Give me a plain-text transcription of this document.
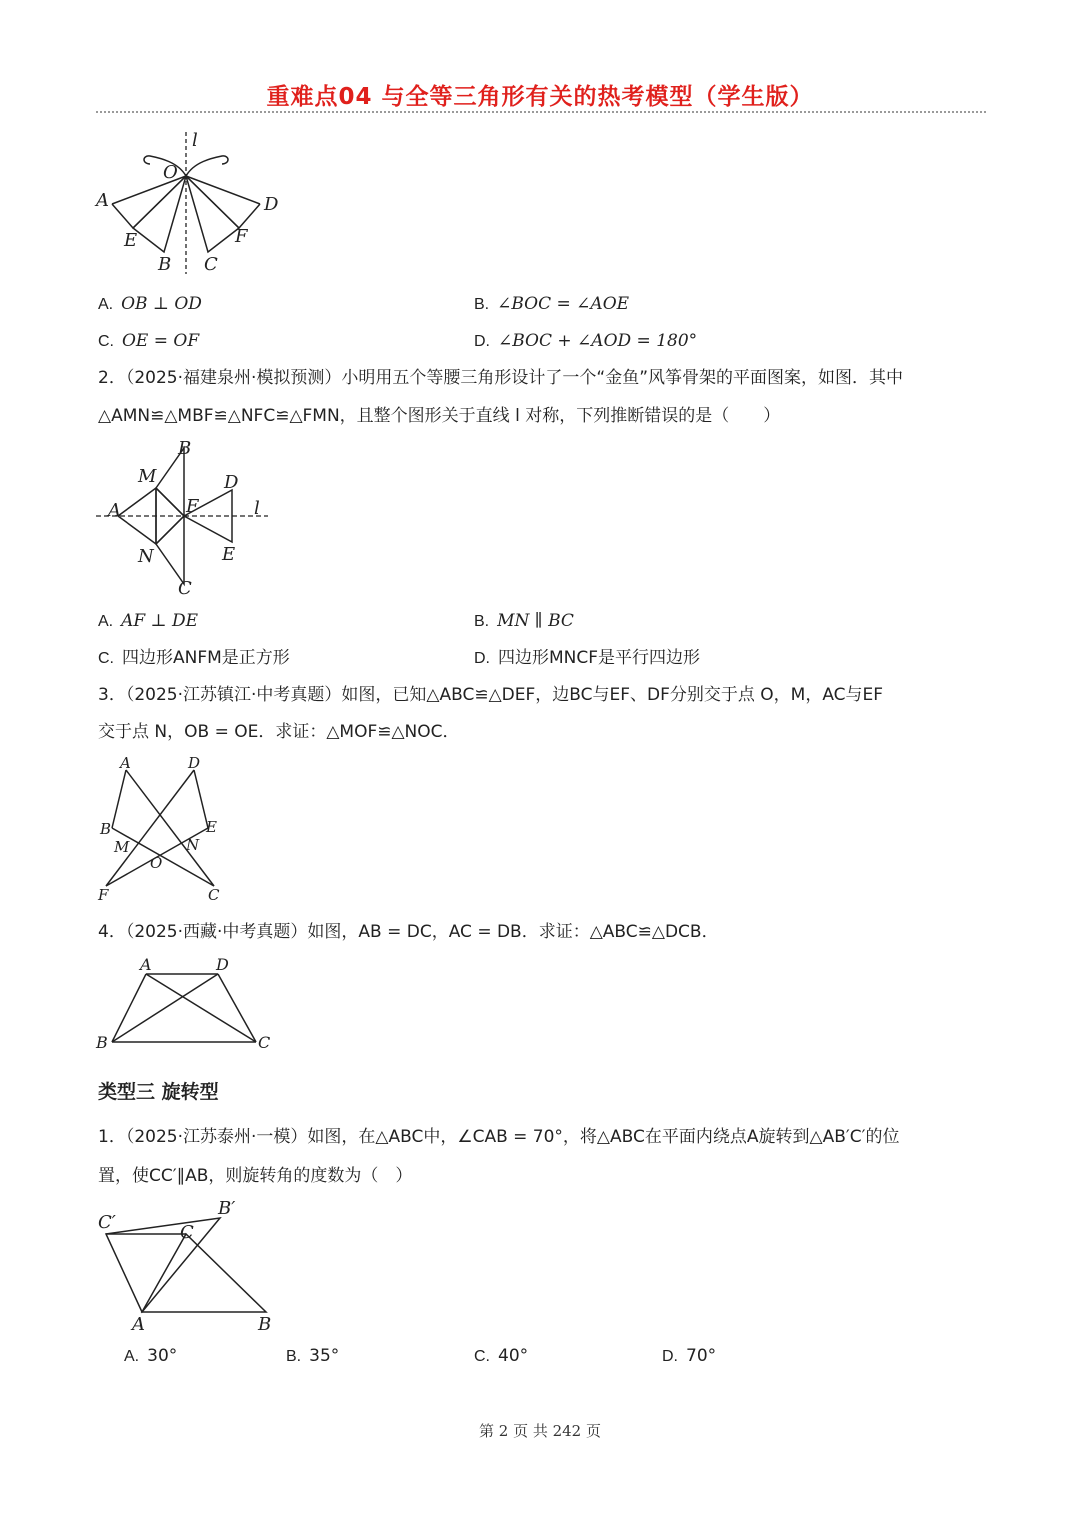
重难点04 与全等三角形有关的热考模型（学生版）
l
O
A	D
E	F
B C
A. OB ⊥ OD	B. ∠BOC = ∠AOE
C. OE = OF	D. ∠BOC + ∠AOD = 180°
2．（2025·福建泉州·模拟预测）小明用五个等腰三角形设计了一个“金鱼”风筝骨架的平面图案，如图．其中
△AMN≌△MBF≌△NFC≌△FMN，且整个图形关于直线 l 对称，下列推断错误的是（　　）
B
M	D
A	F	l
N	E
C
A. AF ⊥ DE	B. MN ∥ BC
C. 四边形ANFM是正方形	D. 四边形MNCF是平行四边形
3．（2025·江苏镇江·中考真题）如图，已知△ABC≌△DEF，边BC与EF、DF分别交于点 O，M，AC与EF
交于点 N，OB = OE．求证：△MOF≌△NOC．
A	D
B	E
M	N
O
F	C
4．（2025·西藏·中考真题）如图，AB = DC，AC = DB．求证：△ABC≌△DCB．
A	D
B	C
类型三 旋转型
1．（2025·江苏泰州·一模）如图，在△ABC中，∠CAB = 70°，将△ABC在平面内绕点A旋转到△AB′C′的位
置，使CC′∥AB，则旋转角的度数为（　）
C′
B′
C
A	B
A. 30°	B. 35°	C. 40°	D. 70°
第 2 页 共 242 页
